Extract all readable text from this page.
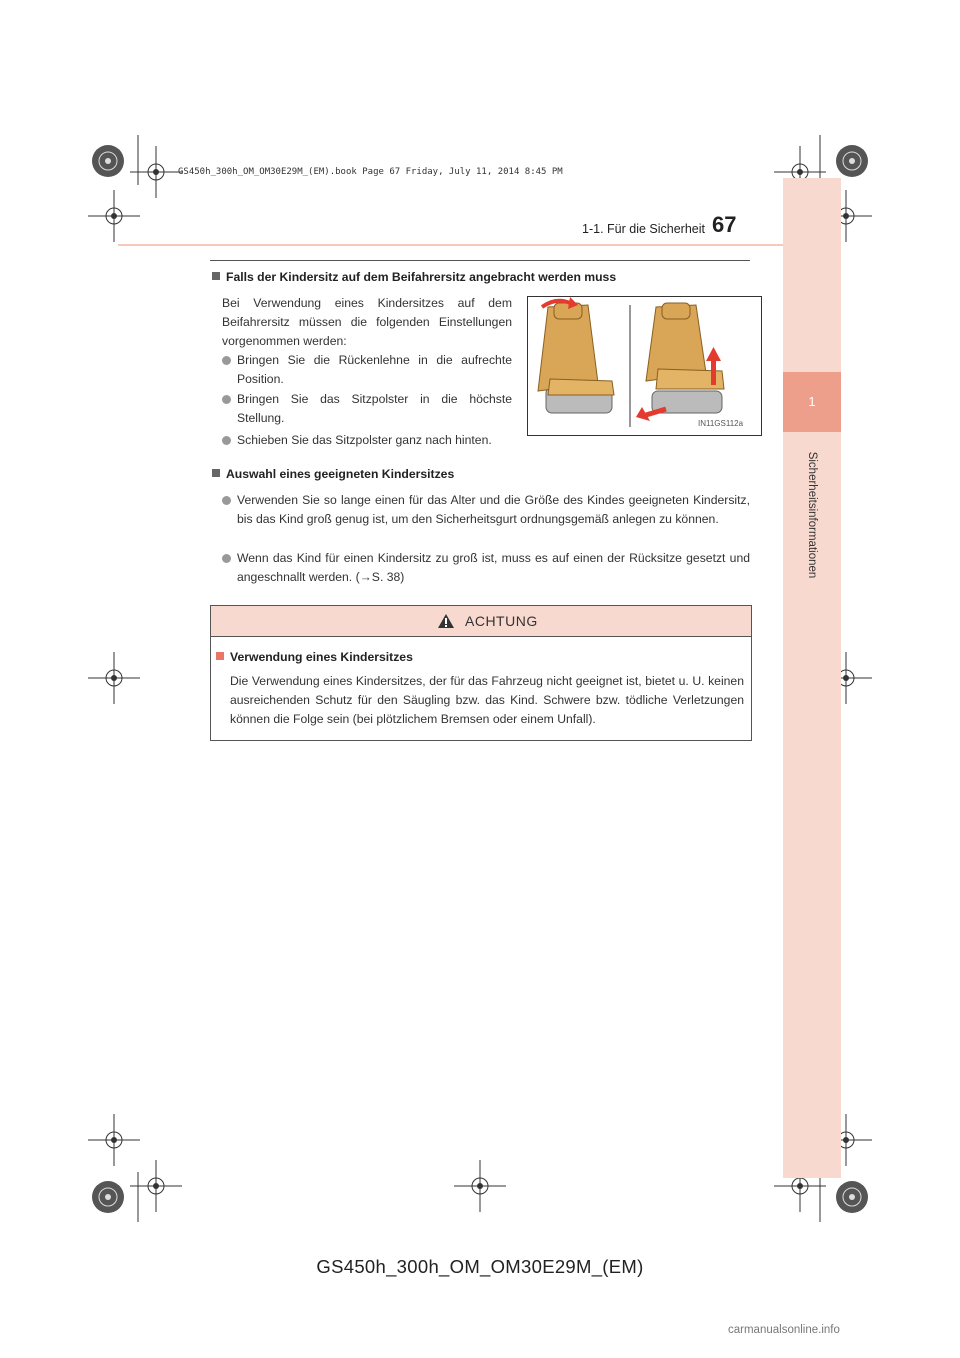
GS450h_300h_OM_OM30E29M_(EM).book Page 67 Friday, July 11, 2014 8:45 PM
1
Sicherheitsinformationen
1-1. Für die Sicherheit 67
Falls der Kindersitz auf dem Beifahrersitz angebracht werden muss
Bei Verwendung eines Kindersitzes auf dem Beifahrersitz müssen die folgenden Einstellungen vorgenommen werden:
Bringen Sie die Rückenlehne in die aufrechte Position.
Bringen Sie das Sitzpolster in die höchste Stellung.
Schieben Sie das Sitzpolster ganz nach hinten.
IN11GS112a
Auswahl eines geeigneten Kindersitzes
Verwenden Sie so lange einen für das Alter und die Größe des Kindes geeigneten Kindersitz, bis das Kind groß genug ist, um den Sicherheitsgurt ordnungsgemäß anlegen zu können.
Wenn das Kind für einen Kindersitz zu groß ist, muss es auf einen der Rücksitze gesetzt und angeschnallt werden. (→S. 38)
ACHTUNG
Verwendung eines Kindersitzes
Die Verwendung eines Kindersitzes, der für das Fahrzeug nicht geeignet ist, bietet u. U. keinen ausreichenden Schutz für den Säugling bzw. das Kind. Schwere bzw. tödliche Verletzungen können die Folge sein (bei plötzlichem Bremsen oder einem Unfall).
GS450h_300h_OM_OM30E29M_(EM)
carmanualsonline.info
